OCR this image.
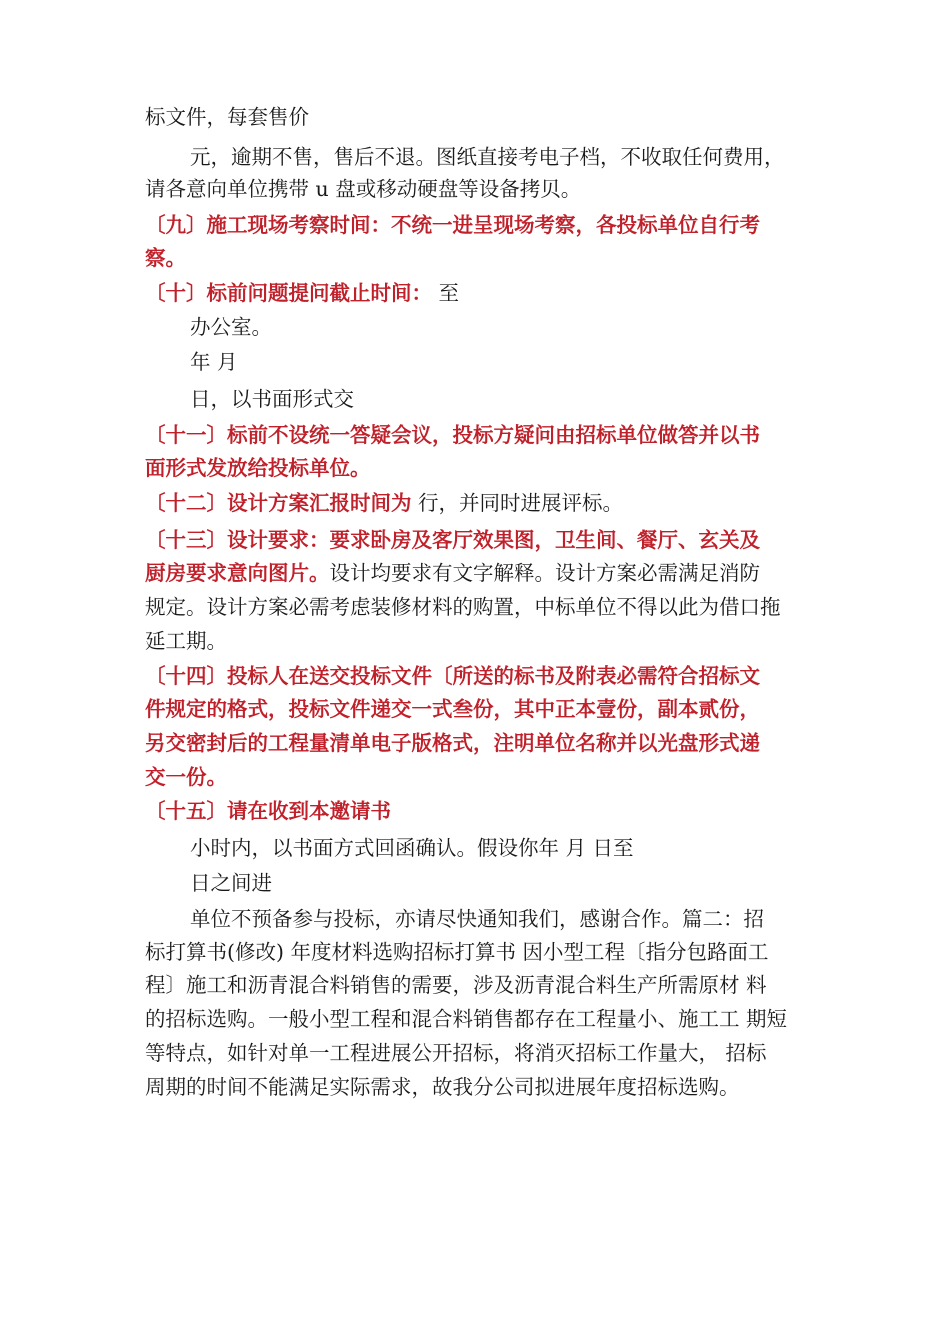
标文件，每套售价

元，逾期不售，售后不退。图纸直接考电子档，不收取任何费用，

请各意向单位携带 u 盘或移动硬盘等设备拷贝。

〔九〕施工现场考察时间：不统一进呈现场考察，各投标单位自行考

察。

〔十〕标前问题提问截止时间： 至

办公室。

年 月

日，以书面形式交

〔十一〕标前不设统一答疑会议，投标方疑问由招标单位做答并以书

面形式发放给投标单位。

〔十二〕设计方案汇报时间为 行，并同时进展评标。

〔十三〕设计要求：要求卧房及客厅效果图，卫生间、餐厅、玄关及

厨房要求意向图片。设计均要求有文字解释。设计方案必需满足消防

规定。设计方案必需考虑装修材料的购置，中标单位不得以此为借口拖

延工期。

〔十四〕投标人在送交投标文件〔所送的标书及附表必需符合招标文

件规定的格式，投标文件递交一式叁份，其中正本壹份，副本贰份，

另交密封后的工程量清单电子版格式，注明单位名称并以光盘形式递

交一份。

〔十五〕请在收到本邀请书

小时内，以书面方式回函确认。假设你年 月 日至

日之间进

单位不预备参与投标，亦请尽快通知我们，感谢合作。篇二：招

标打算书(修改) 年度材料选购招标打算书 因小型工程〔指分包路面工

程〕施工和沥青混合料销售的需要，涉及沥青混合料生产所需原材 料

的招标选购。一般小型工程和混合料销售都存在工程量小、施工工 期短

等特点，如针对单一工程进展公开招标，将消灭招标工作量大， 招标

周期的时间不能满足实际需求，故我分公司拟进展年度招标选购。
